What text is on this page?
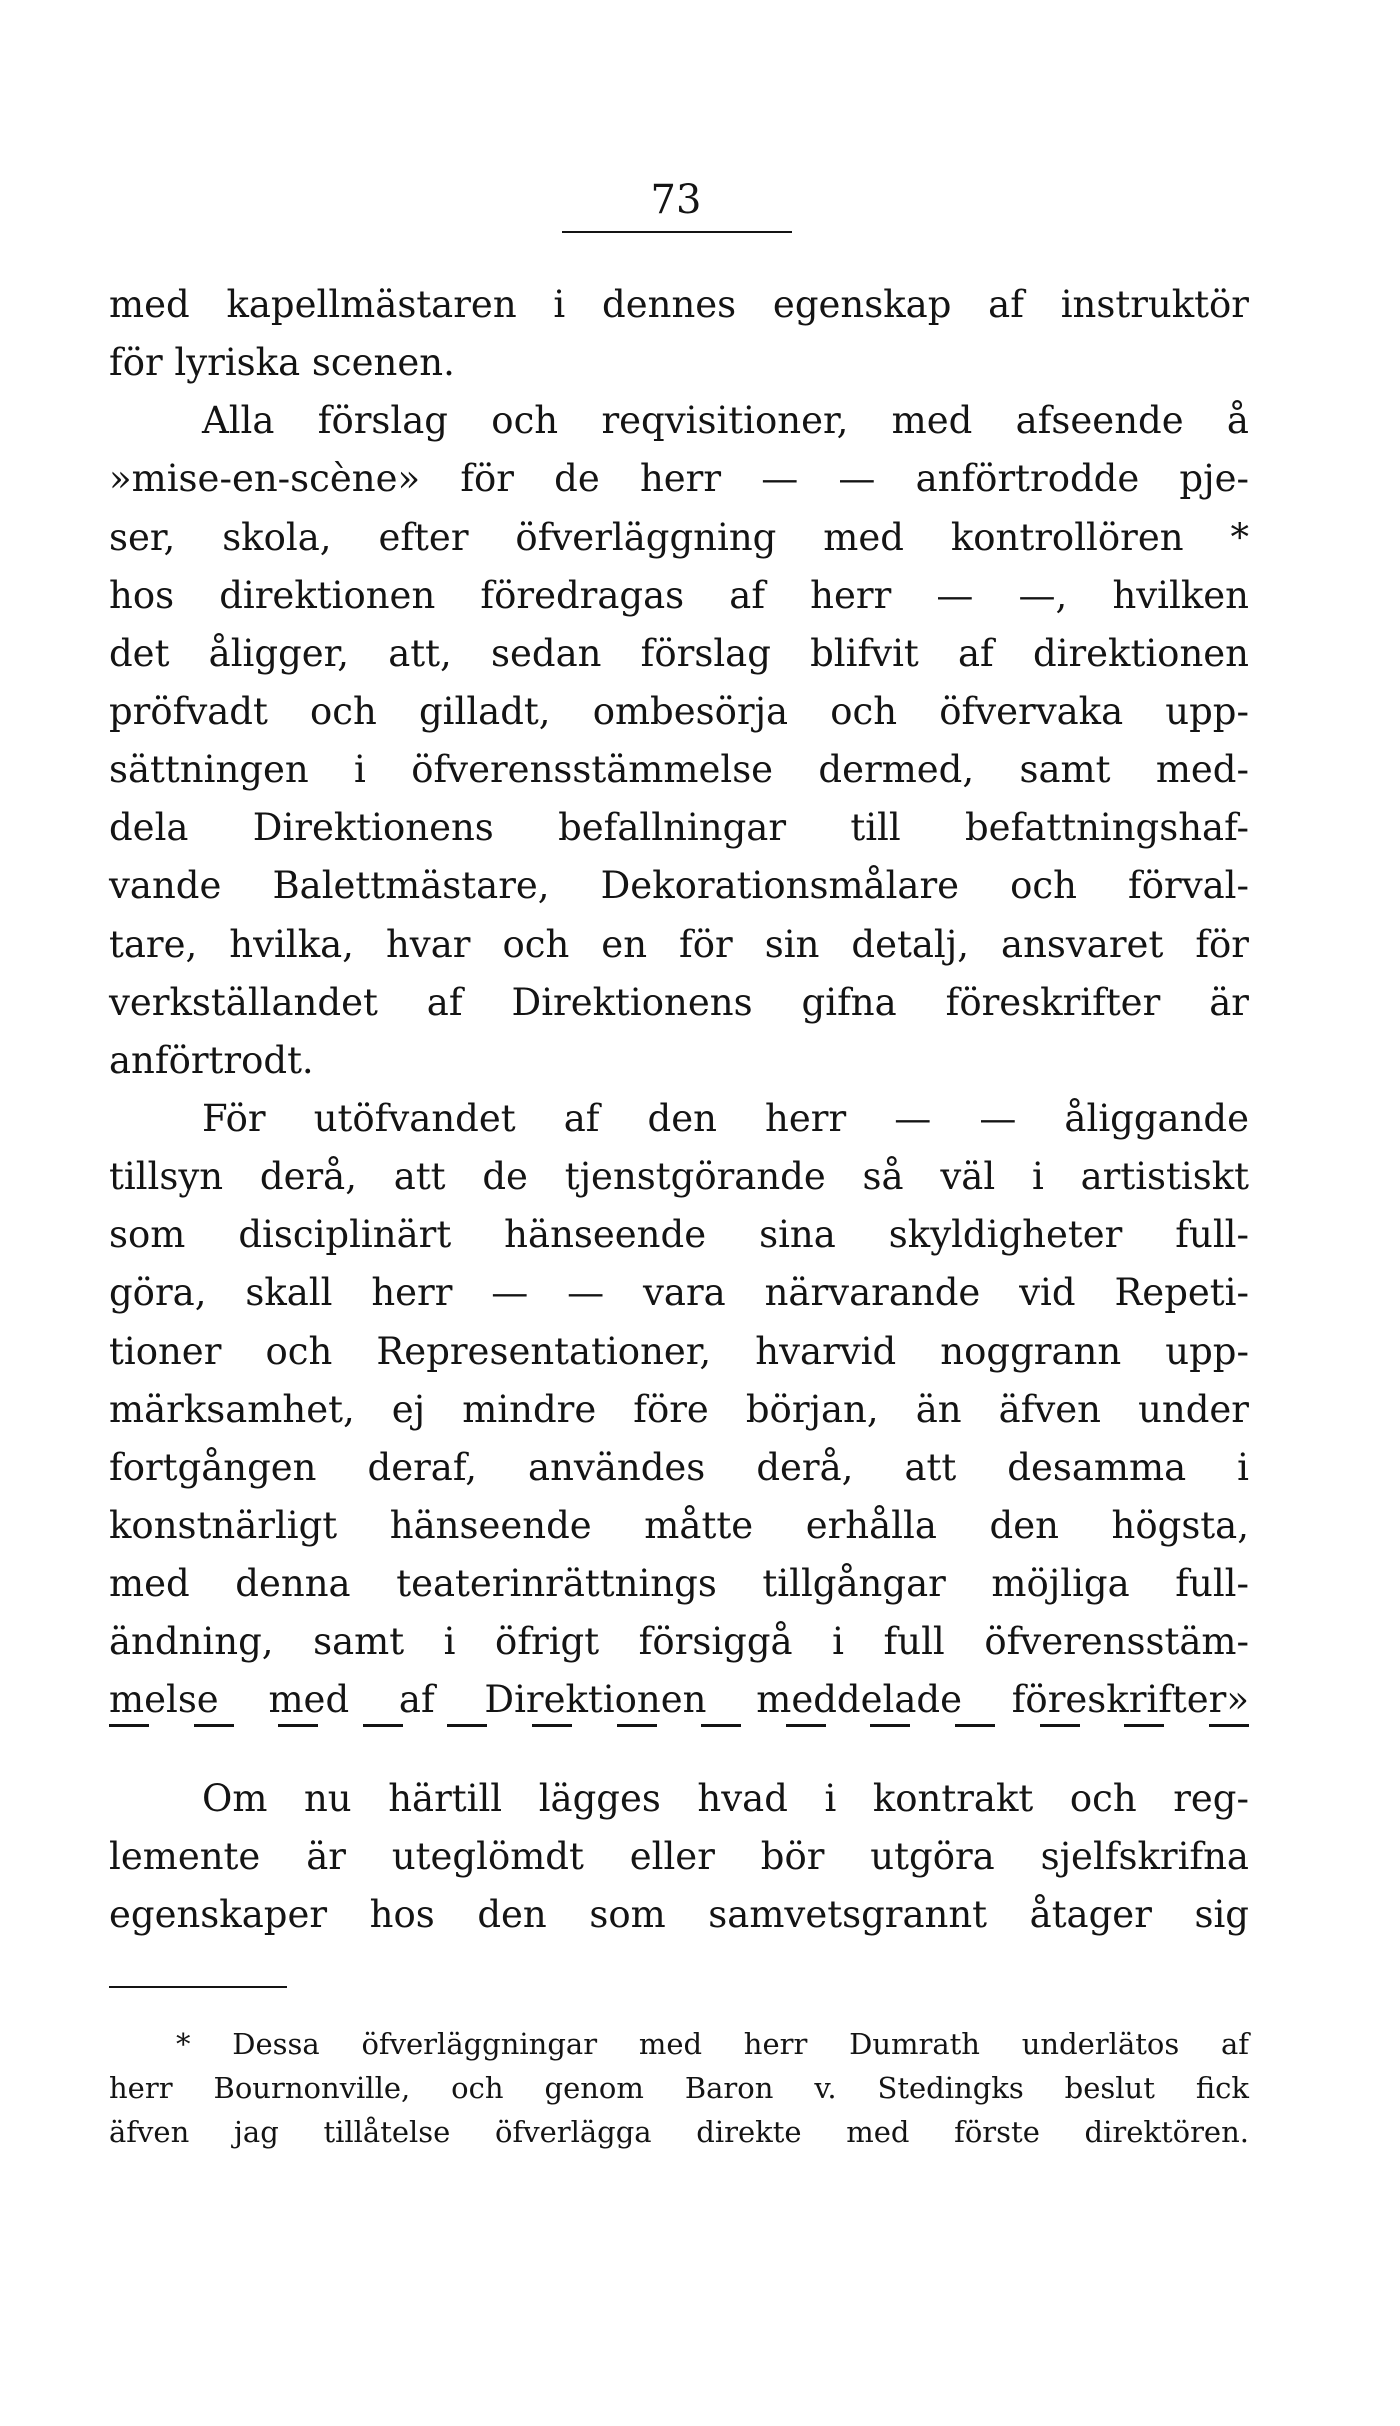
73
med kapellmästaren i dennes egenskap af instruktör
för lyriska scenen.
Alla förslag och reqvisitioner, med afseende å
»mise-en-scène» för de herr — — anförtrodde pje-
ser, skola, efter öfverläggning med kontrollören *
hos direktionen föredragas af herr — —, hvilken
det åligger, att, sedan förslag blifvit af direktionen
pröfvadt och gilladt, ombesörja och öfvervaka upp-
sättningen i öfverensstämmelse dermed, samt med-
dela Direktionens befallningar till befattningshaf-
vande Balettmästare, Dekorationsmålare och förval-
tare, hvilka, hvar och en för sin detalj, ansvaret för
verkställandet af Direktionens gifna föreskrifter är
anförtrodt.
För utöfvandet af den herr — — åliggande
tillsyn derå, att de tjenstgörande så väl i artistiskt
som disciplinärt hänseende sina skyldigheter full-
göra, skall herr — — vara närvarande vid Repeti-
tioner och Representationer, hvarvid noggrann upp-
märksamhet, ej mindre före början, än äfven under
fortgången deraf, användes derå, att desamma i
konstnärligt hänseende måtte erhålla den högsta,
med denna teaterinrättnings tillgångar möjliga full-
ändning, samt i öfrigt försiggå i full öfverensstäm-
melse med af Direktionen meddelade föreskrifter»
Om nu härtill lägges hvad i kontrakt och reg-
lemente är uteglömdt eller bör utgöra sjelfskrifna
egenskaper hos den som samvetsgrannt åtager sig
* Dessa öfverläggningar med herr Dumrath underlätos af
herr Bournonville, och genom Baron v. Stedingks beslut fick
äfven jag tillåtelse öfverlägga direkte med förste direktören.
